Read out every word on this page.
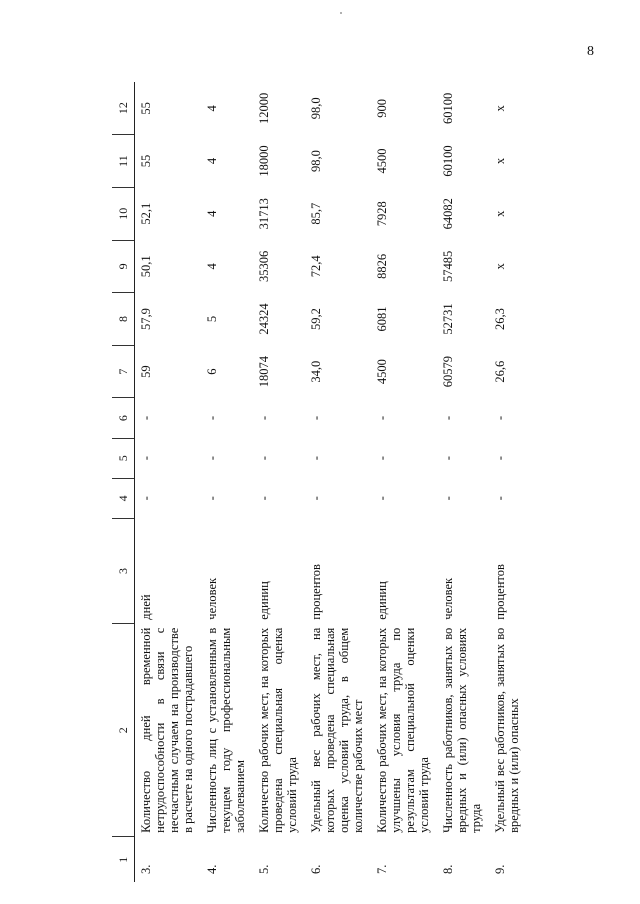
8
1	2	3	4	5	6	7	8	9	10	11	12
3.	Количество дней временной нетрудоспособности в связи с несчастным случаем на производстве в расчете на одного пострадавшего	дней	-	-	-	59	57,9	50,1	52,1	55	55
4.	Численность лиц с установленным в текущем году профессиональным заболеванием	человек	-	-	-	6	5	4	4	4	4
5.	Количество рабочих мест, на которых проведена специальная оценка условий труда	единиц	-	-	-	18074	24324	35306	31713	18000	12000
6.	Удельный вес рабочих мест, на которых проведена специальная оценка условий труда, в общем количестве рабочих мест	процентов	-	-	-	34,0	59,2	72,4	85,7	98,0	98,0
7.	Количество рабочих мест, на которых улучшены условия труда по результатам специальной оценки условий труда	единиц	-	-	-	4500	6081	8826	7928	4500	900
8.	Численность работников, занятых во вредных и (или) опасных условиях труда	человек	-	-	-	60579	52731	57485	64082	60100	60100
9.	Удельный вес работников, занятых во вредных и (или) опасных	процентов	-	-	-	26,6	26,3	x	x	x	x
